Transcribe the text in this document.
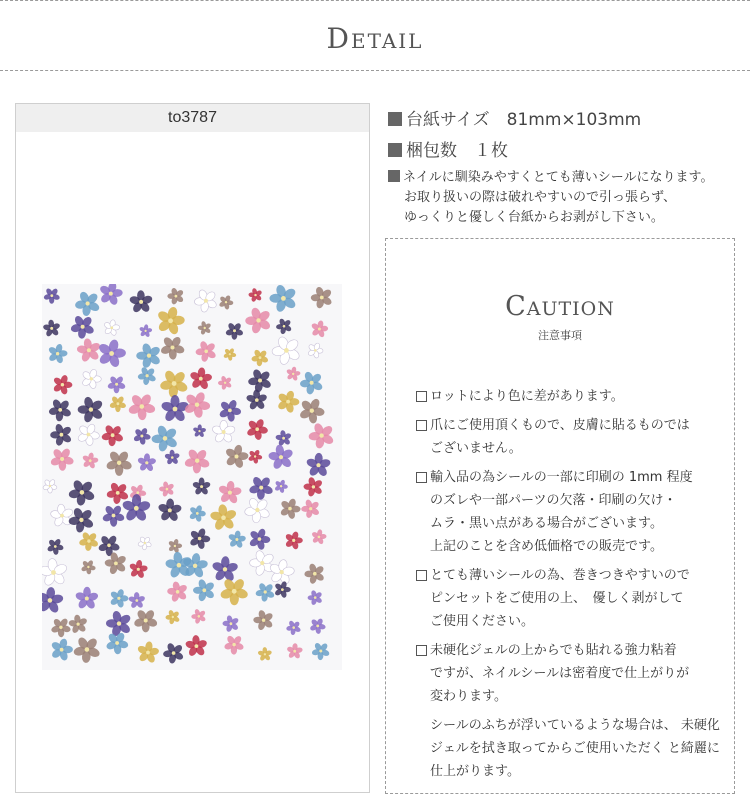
Detail
to3787	台紙サイズ　81mm×103mm
梱包数　１枚
ネイルに馴染みやすくとても薄いシールになります。
お取り扱いの際は破れやすいので引っ張らず、
ゆっくりと優しく台紙からお剥がし下さい。
Caution
注意事項
ロットにより色に差があります。
爪にご使用頂くもので、皮膚に貼るものでは
ございません。
輸入品の為シールの一部に印刷の 1mm 程度
のズレや一部パーツの欠落・印刷の欠け・
ムラ・黒い点がある場合がございます。
上記のことを含め低価格での販売です。
とても薄いシールの為、巻きつきやすいので
ピンセットをご使用の上、　優しく剥がして
ご使用ください。
未硬化ジェルの上からでも貼れる強力粘着
ですが、ネイルシールは密着度で仕上がりが
変わります。
シールのふちが浮いているような場合は、 未硬化ジェルを拭き取ってからご使用いただく と綺麗に仕上がります。
